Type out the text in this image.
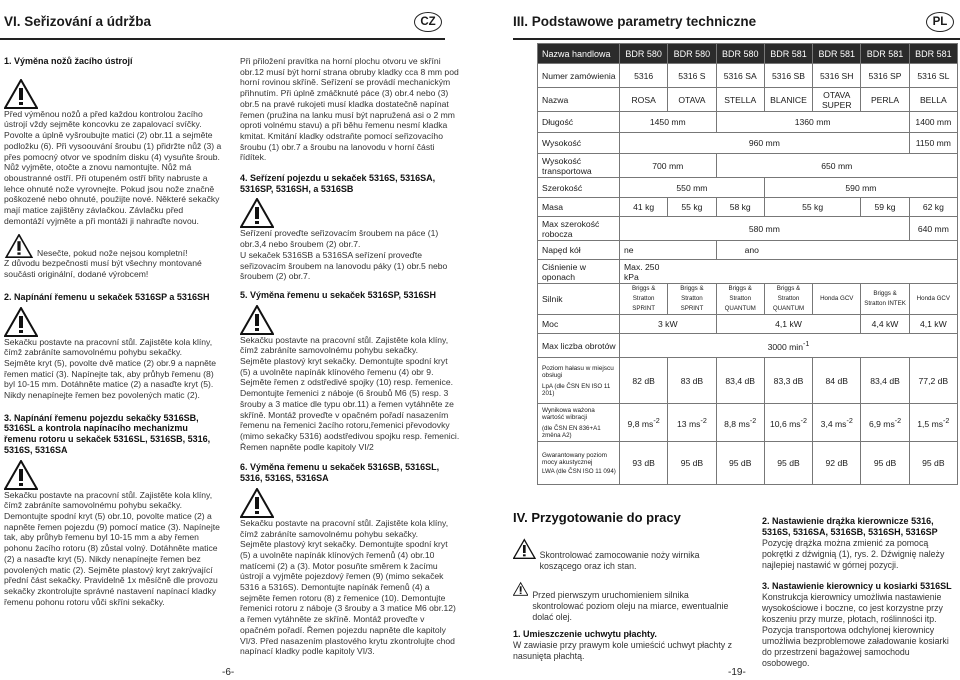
VI. Seřizování a údržba	CZ	III. Podstawowe parametry techniczne	PL

1. Výměna nožů žacího ústrojí

Před výměnou nožů a před každou kontrolou žacího ústrojí vždy sejměte koncovku ze zapalovací svíčky.

Povolte a úplně vyšroubujte matici (2) obr.11 a sejměte podložku (6). Při vysoouvání šroubu (1) přidržte nůž (3) a přes pomocný otvor ve spodním disku (4) vysuňte šroub. Nůž vyjměte, otočte a znovu namontujte. Nůž má oboustranné ostří. Při otupeném ostří břity nabruste a lehce ohnuté nože vyrovnejte. Pokud jsou nože značně poškozené nebo ohnuté, použijte nové. Některé sekačky mají matice zajištěny závlačkou. Závlačku před demontáží vyjměte a při montáži ji nahraďte novou.

Nesečte, pokud nože nejsou kompletní!

Z důvodu bezpečnosti musí být všechny montované součásti originální, dodané výrobcem!

2. Napínání řemenu u sekaček 5316SP a 5316SH

Sekačku postavte na pracovní stůl. Zajistěte kola klíny, čímž zabráníte samovolnému pohybu sekačky.

Sejměte kryt (5), povolte dvě matice (2) obr.9 a napněte řemen maticí (3). Napínejte tak, aby průhyb řemenu (8) byl 10-15 mm. Dotáhněte matice (2) a nasaďte kryt (5). Nikdy nenapínejte řemen bez povolených matic (2).

3. Napínání řemenu pojezdu sekačky 5316SB, 5316SL a kontrola napínacího mechanizmu řemenu rotoru u sekaček 5316SL, 5316SB, 5316, 5316S, 5316SA

Sekačku postavte na pracovní stůl. Zajistěte kola klíny, čímž zabráníte samovolnému pohybu sekačky.

Demontujte spodní kryt (5) obr.10, povolte matice (2) a napněte řemen pojezdu (9) pomocí matice (3). Napínejte tak, aby průhyb řemenu byl 10-15 mm a aby řemen pohonu žacího rotoru (8) zůstal volný. Dotáhněte matice (2) a nasaďte kryt (5). Nikdy nenapínejte řemen bez povolených matic (2). Sejměte plastový kryt zakrývající přední část sekačky. Pravidelně 1x měsíčně dle provozu sekačky zkontrolujte správné nastavení napínací kladky řemenu pohonu rotoru vůči skříni sekačky.

-6-

Při přiložení pravítka na horní plochu otvoru ve skříni obr.12 musí být horní strana obruby kladky cca 8 mm pod horní rovinou skříně. Seřízení se provádí mechanickým přihnutím. Při úplně zmáčknuté páce (3) obr.4 nebo (3) obr.5 na pravé rukojeti musí kladka dostatečně napínat řemen (pružina na lanku musí být napružená asi o 2 mm oproti volnému stavu) a při běhu řemenu nesmí kladka kmitat. Kmitání kladky odstraňte pomocí seřizovacího šroubu (1) obr.7 a šroubu na lanovodu v horní části řídítek.

4. Seřízení pojezdu u sekaček 5316S, 5316SA, 5316SP, 5316SH, a 5316SB

Seřízení proveďte seřizovacím šroubem na páce (1) obr.3,4 nebo šroubem (2) obr.7.

U sekaček 5316SB a 5316SA seřízení proveďte seřizovacím šroubem na lanovodu páky (1) obr.5 nebo šroubem (2) obr.7.

5. Výměna řemenu u sekaček 5316SP, 5316SH

Sekačku postavte na pracovní stůl. Zajistěte kola klíny, čímž zabráníte samovolnému pohybu sekačky.

Sejměte plastový kryt sekačky. Demontujte spodní kryt (5) a uvolněte napínák klínového řemenu (4) obr 9. Sejměte řemen z odstředivé spojky (10) resp. řemenice. Demontujte řemenici z náboje (6 šroubů M6 (5) resp. 3 šrouby a 3 matice dle typu obr.11) a řemen vytáhněte ze skříně. Montáž proveďte v opačném pořadí nasazením řemenu na řemenici žacího rotoru,řemenici převodovky (mimo sekačky 5316) aodstředivou spojku resp. řemenici. Řemen napněte podle kapitoly VI/2

6. Výměna řemenu u sekaček 5316SB, 5316SL, 5316, 5316S, 5316SA

Sekačku postavte na pracovní stůl. Zajistěte kola klíny, čímž zabráníte samovolnému pohybu sekačky.

Sejměte plastový kryt sekačky. Demontujte spodní kryt (5) a uvolněte napínák klínových řemenů (4) obr.10 matícemi (2) a (3). Motor posuňte směrem k žacímu ústrojí a vyjměte pojezdový řemen (9) (mimo sekaček 5316 a 5316S). Demontujte napínák řemenů (4) a sejměte řemen rotoru (8) z řemenice (10). Demontujte řemenici rotoru z náboje (3 šrouby a 3 matice M6 obr.12) a řemen vytáhněte ze skříně. Montáž proveďte v opačném pořadí. Řemen pojezdu napněte dle kapitoly VI/3. Před nasazením plastového krytu zkontrolujte chod napínací kladky podle kapitoly VI/3.

Nazwa handlowa	BDR 580	BDR 580	BDR 580	BDR 581	BDR 581	BDR 581	BDR 581
Numer zamówienia	5316	5316 S	5316 SA	5316 SB	5316 SH	5316 SP	5316 SL
Nazwa	ROSA	OTAVA	STELLA	BLANICE	OTAVA SUPER	PERLA	BELLA
Długość	1450 mm		1360 mm				1400 mm
Wysokość	960 mm						1150 mm
Wysokość transportowa	700 mm		650 mm				
Szerokość	550 mm			590 mm			
Masa	41 kg	55 kg	58 kg	55 kg		59 kg	62 kg
Max szerokość robocza	580 mm						640 mm
Napęd kół	ne		ano				
Ciśnienie w oponach	Max. 250 kPa						
Silnik	Briggs & Stratton SPRINT	Briggs & Stratton SPRINT	Briggs & Stratton QUANTUM	Briggs & Stratton QUANTUM	Honda GCV	Briggs & Stratton INTEK	Honda GCV
Moc	3 kW		4,1 kW			4,4 kW	4,1 kW
Max liczba obrotów	3000 $\min^{-1}$

Poziom hałasu w miejscu obsługi
LpA (dle ČSN EN ISO 11 201)	82 dB	83 dB	83,4 dB	83,3 dB	84 dB	83,4 dB	77,2 dB

Wynikowa ważona wartość wibracji
(dle ČSN EN 836+A1 změna A2)	9,8 $ms^{-2}$	13 $ms^{-2}$	8,8 $ms^{-2}$	10,6 $ms^{-2}$	3,4 $ms^{-2}$	6,9 $ms^{-2}$	1,5 $ms^{-2}$

Gwarantowany poziom mocy akustycznej
LWA (dle ČSN ISO 11 094)	93 dB	95 dB	95 dB	95 dB	92 dB	95 dB	95 dB
IV. Przygotowanie do pracy
Skontrolować zamocowanie noży wirnika koszącego oraz ich stan.
Przed pierwszym uruchomieniem silnika skontrolować poziom oleju na miarce, ewentualnie dolać olej.

1. Umieszczenie uchwytu płachty.

W zawiasie przy prawym kole umieścić uchwyt płachty z nasunięta płachtą.

-19-

2. Nastawienie drążka kierownicze 5316, 5316S, 5316SA, 5316SB, 5316SH, 5316SP

Pozycję drążka można zmienić za pomocą pokrętki z dźwignią (1), rys. 2. Dźwignię należy najlepiej nastawić w górnej pozycji.

3. Nastawienie kierownicy u kosiarki 5316SL

Konstrukcja kierownicy umożliwia nastawienie wysokościowe i boczne, co jest korzystne przy koszeniu przy murze, płotach, roślinności itp. Pozycja transportowa odchylonej kierownicy umożliwia bezproblemowe załadowanie kosiarki do przestrzeni bagażowej samochodu osobowego.
